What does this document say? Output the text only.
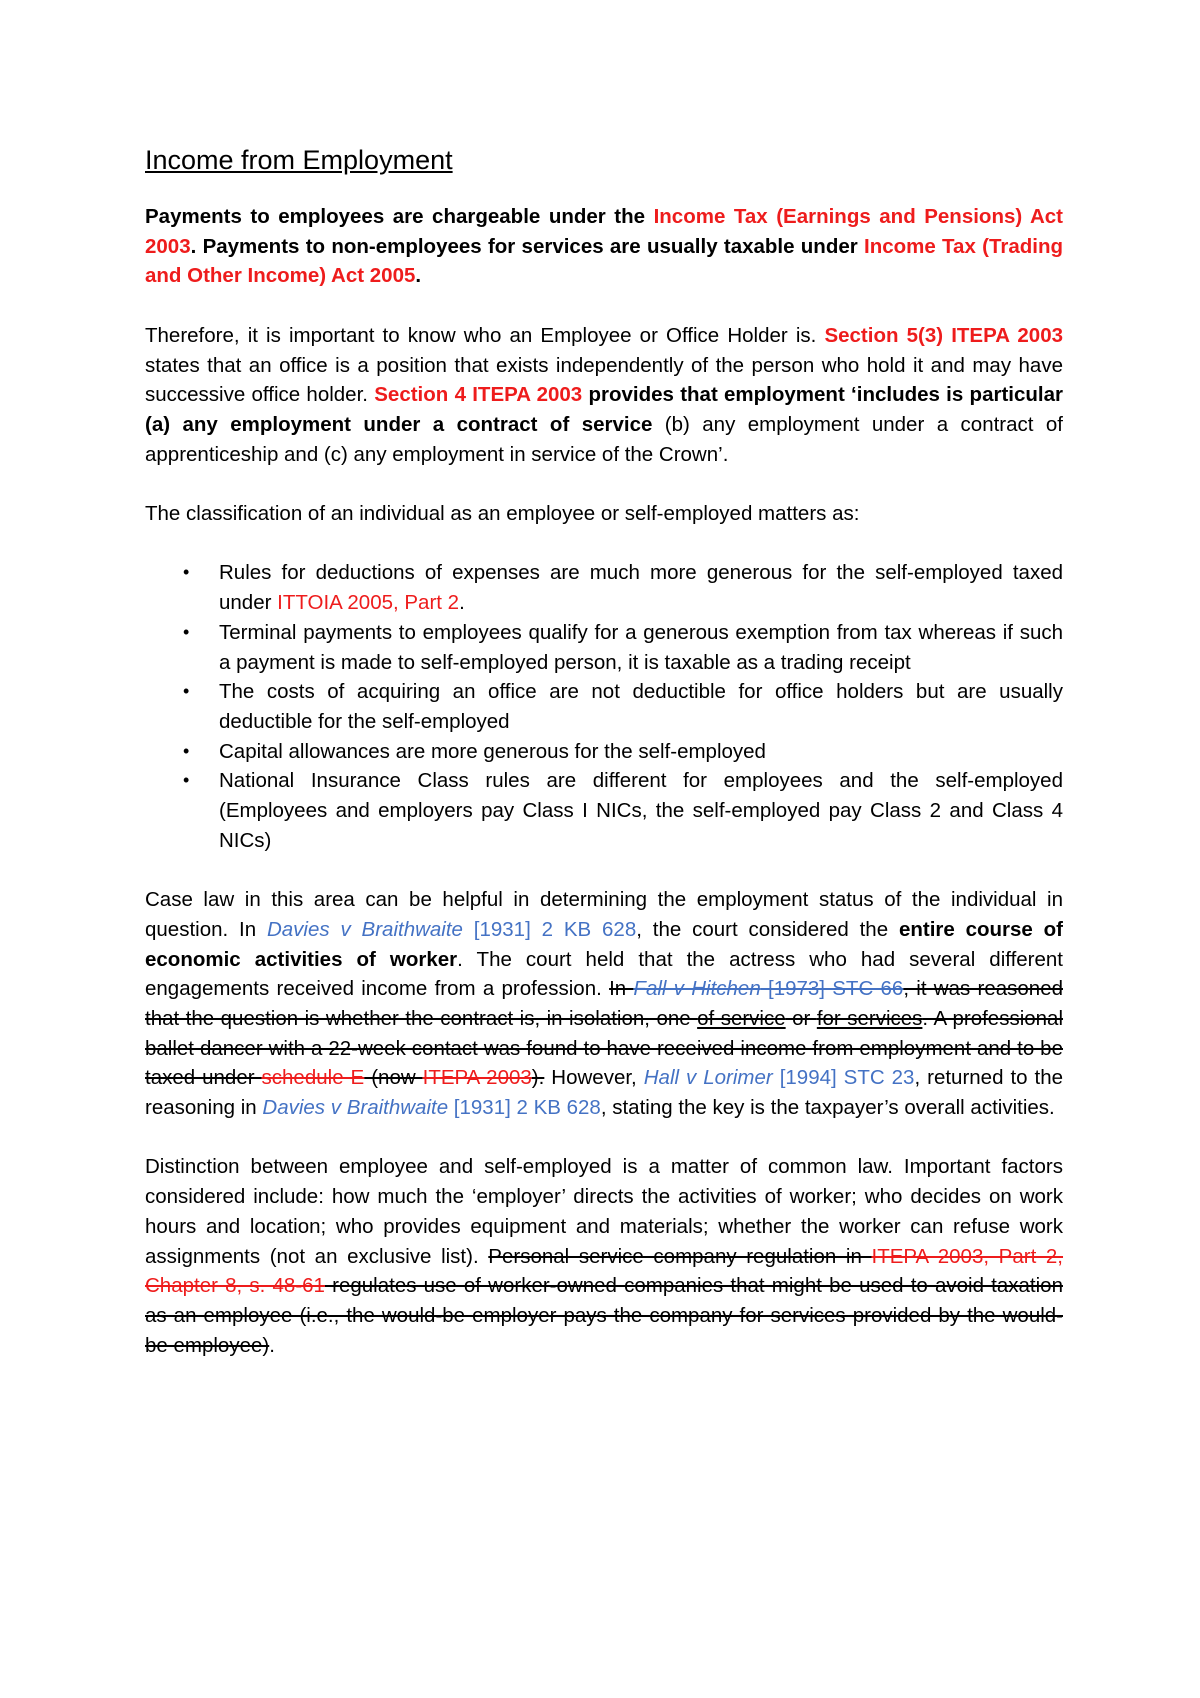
Income from Employment

Payments to employees are chargeable under the Income Tax (Earnings and Pensions) Act 2003. Payments to non-employees for services are usually taxable under Income Tax (Trading and Other Income) Act 2005.

Therefore, it is important to know who an Employee or Office Holder is. Section 5(3) ITEPA 2003 states that an office is a position that exists independently of the person who hold it and may have successive office holder. Section 4 ITEPA 2003 provides that employment ‘includes is particular (a) any employment under a contract of service (b) any employment under a contract of apprenticeship and (c) any employment in service of the Crown’.

The classification of an individual as an employee or self-employed matters as:

• Rules for deductions of expenses are much more generous for the self-employed taxed under ITTOIA 2005, Part 2.
• Terminal payments to employees qualify for a generous exemption from tax whereas if such a payment is made to self-employed person, it is taxable as a trading receipt
• The costs of acquiring an office are not deductible for office holders but are usually deductible for the self-employed
• Capital allowances are more generous for the self-employed
• National Insurance Class rules are different for employees and the self-employed (Employees and employers pay Class I NICs, the self-employed pay Class 2 and Class 4 NICs)

Case law in this area can be helpful in determining the employment status of the individual in question. In Davies v Braithwaite [1931] 2 KB 628, the court considered the entire course of economic activities of worker. The court held that the actress who had several different engagements received income from a profession. In Fall v Hitchen [1973] STC 66, it was reasoned that the question is whether the contract is, in isolation, one of service or for services. A professional ballet dancer with a 22-week contact was found to have received income from employment and to be taxed under schedule E (now ITEPA 2003). However, Hall v Lorimer [1994] STC 23, returned to the reasoning in Davies v Braithwaite [1931] 2 KB 628, stating the key is the taxpayer’s overall activities.

Distinction between employee and self-employed is a matter of common law. Important factors considered include: how much the ‘employer’ directs the activities of worker; who decides on work hours and location; who provides equipment and materials; whether the worker can refuse work assignments (not an exclusive list). Personal service company regulation in ITEPA 2003, Part 2, Chapter 8, s. 48-61 regulates use of worker-owned companies that might be used to avoid taxation as an employee (i.e., the would-be employer pays the company for services provided by the would-be employee).
